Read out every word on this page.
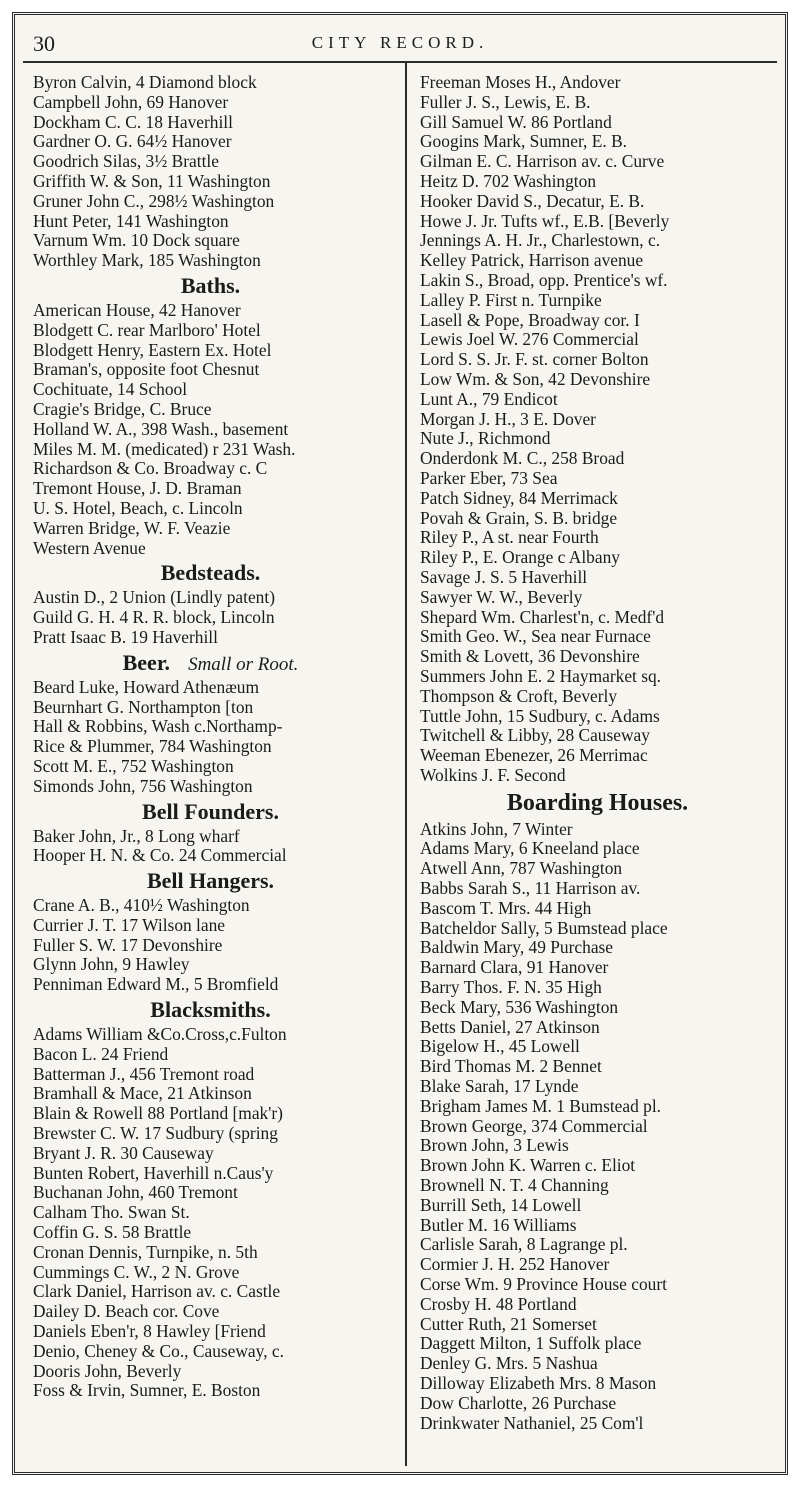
30	CITY RECORD.
Byron Calvin, 4 Diamond block
Campbell John, 69 Hanover
Dockham C. C. 18 Haverhill
Gardner O. G. 64½ Hanover
Goodrich Silas, 3½ Brattle
Griffith W. & Son, 11 Washington
Gruner John C., 298½ Washington
Hunt Peter, 141 Washington
Varnum Wm. 10 Dock square
Worthley Mark, 185 Washington
Baths.
American House, 42 Hanover
Blodgett C. rear Marlboro' Hotel
Blodgett Henry, Eastern Ex. Hotel
Braman's, opposite foot Chesnut
Cochituate, 14 School
Cragie's Bridge, C. Bruce
Holland W. A., 398 Wash., basement
Miles M. M. (medicated) r 231 Wash.
Richardson & Co. Broadway c. C
Tremont House, J. D. Braman
U. S. Hotel, Beach, c. Lincoln
Warren Bridge, W. F. Veazie
Western Avenue
Bedsteads.
Austin D., 2 Union (Lindly patent)
Guild G. H. 4 R. R. block, Lincoln
Pratt Isaac B. 19 Haverhill
Beer. Small or Root.
Beard Luke, Howard Athenæum
Beurnhart G. Northampton [ton
Hall & Robbins, Wash c.Northamp-
Rice & Plummer, 784 Washington
Scott M. E., 752 Washington
Simonds John, 756 Washington
Bell Founders.
Baker John, Jr., 8 Long wharf
Hooper H. N. & Co. 24 Commercial
Bell Hangers.
Crane A. B., 410½ Washington
Currier J. T. 17 Wilson lane
Fuller S. W. 17 Devonshire
Glynn John, 9 Hawley
Penniman Edward M., 5 Bromfield
Blacksmiths.
Adams William &Co.Cross,c.Fulton
Bacon L. 24 Friend
Batterman J., 456 Tremont road
Bramhall & Mace, 21 Atkinson
Blain & Rowell 88 Portland [mak'r)
Brewster C. W. 17 Sudbury (spring
Bryant J. R. 30 Causeway
Bunten Robert, Haverhill n.Caus'y
Buchanan John, 460 Tremont
Calham Tho. Swan St.
Coffin G. S. 58 Brattle
Cronan Dennis, Turnpike, n. 5th
Cummings C. W., 2 N. Grove
Clark Daniel, Harrison av. c. Castle
Dailey D. Beach cor. Cove
Daniels Eben'r, 8 Hawley [Friend
Denio, Cheney & Co., Causeway, c.
Dooris John, Beverly
Foss & Irvin, Sumner, E. Boston
Freeman Moses H., Andover
Fuller J. S., Lewis, E. B.
Gill Samuel W. 86 Portland
Googins Mark, Sumner, E. B.
Gilman E. C. Harrison av. c. Curve
Heitz D. 702 Washington
Hooker David S., Decatur, E. B.
Howe J. Jr. Tufts wf., E.B. [Beverly
Jennings A. H. Jr., Charlestown, c.
Kelley Patrick, Harrison avenue
Lakin S., Broad, opp. Prentice's wf.
Lalley P. First n. Turnpike
Lasell & Pope, Broadway cor. I
Lewis Joel W. 276 Commercial
Lord S. S. Jr. F. st. corner Bolton
Low Wm. & Son, 42 Devonshire
Lunt A., 79 Endicot
Morgan J. H., 3 E. Dover
Nute J., Richmond
Onderdonk M. C., 258 Broad
Parker Eber, 73 Sea
Patch Sidney, 84 Merrimack
Povah & Grain, S. B. bridge
Riley P., A st. near Fourth
Riley P., E. Orange c Albany
Savage J. S. 5 Haverhill
Sawyer W. W., Beverly
Shepard Wm. Charlest'n, c. Medf'd
Smith Geo. W., Sea near Furnace
Smith & Lovett, 36 Devonshire
Summers John E. 2 Haymarket sq.
Thompson & Croft, Beverly
Tuttle John, 15 Sudbury, c. Adams
Twitchell & Libby, 28 Causeway
Weeman Ebenezer, 26 Merrimac
Wolkins J. F. Second
Boarding Houses.
Atkins John, 7 Winter
Adams Mary, 6 Kneeland place
Atwell Ann, 787 Washington
Babbs Sarah S., 11 Harrison av.
Bascom T. Mrs. 44 High
Batcheldor Sally, 5 Bumstead place
Baldwin Mary, 49 Purchase
Barnard Clara, 91 Hanover
Barry Thos. F. N. 35 High
Beck Mary, 536 Washington
Betts Daniel, 27 Atkinson
Bigelow H., 45 Lowell
Bird Thomas M. 2 Bennet
Blake Sarah, 17 Lynde
Brigham James M. 1 Bumstead pl.
Brown George, 374 Commercial
Brown John, 3 Lewis
Brown John K. Warren c. Eliot
Brownell N. T. 4 Channing
Burrill Seth, 14 Lowell
Butler M. 16 Williams
Carlisle Sarah, 8 Lagrange pl.
Cormier J. H. 252 Hanover
Corse Wm. 9 Province House court
Crosby H. 48 Portland
Cutter Ruth, 21 Somerset
Daggett Milton, 1 Suffolk place
Denley G. Mrs. 5 Nashua
Dilloway Elizabeth Mrs. 8 Mason
Dow Charlotte, 26 Purchase
Drinkwater Nathaniel, 25 Com'l
